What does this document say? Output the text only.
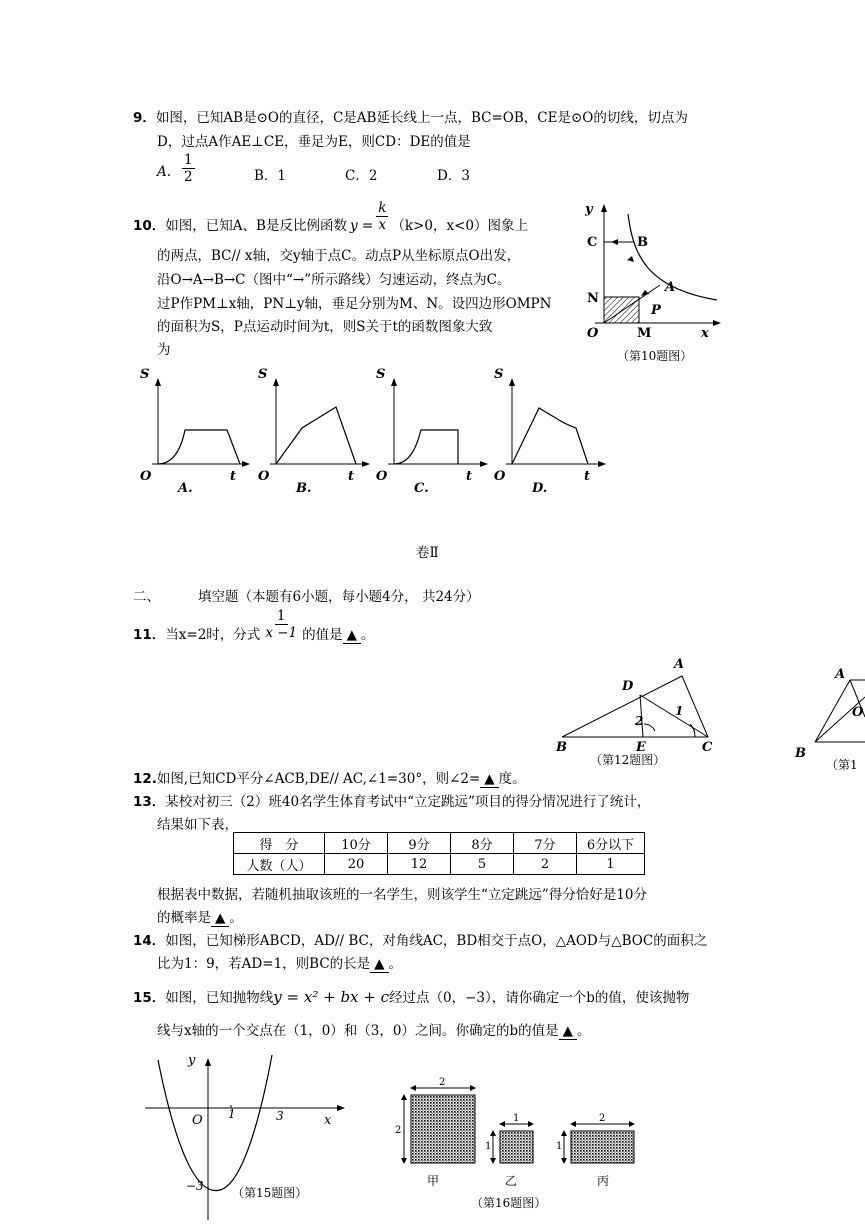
9．如图，已知AB是⊙O的直径，C是AB延长线上一点，BC=OB，CE是⊙O的切线，切点为
D，过点A作AE⊥CE，垂足为E，则CD：DE的值是
A. $\frac{1}{2}$	B．1	C．2	D．3
10．如图，已知A、B是反比例函数 $y = \frac{k}{x} (k>0$，x<0）图象上
的两点，BC// x轴，交y轴于点C。动点P从坐标原点O出发，
沿O→A→B→C（图中“→”所示路线）匀速运动，终点为C。
过P作PM⊥x轴，PN⊥y轴，垂足分别为M、N。设四边形OMPN
的面积为S，P点运动时间为t，则S关于t的函数图象大致
为
y
C	B
N
A
P
O	M	x
（第10题图）
S
O	t
A.
S
O	t
B.
S
O	t
C.
S
O	t
D.
卷Ⅱ
二、	填空题（本题有6小题，每小题4分， 共24分）
11．当x=2时，分式 $\frac{1}{x -1}$ 的值是 ▲ 。
A
D
1
2
B	E	C
（第12题图）
A
O
B
（第1
12.如图,已知CD平分∠ACB,DE// AC,∠1=30°，则∠2= ▲ 度。
13．某校对初三（2）班40名学生体育考试中“立定跳远”项目的得分情况进行了统计，
结果如下表，
得　分	10分	9分	8分	7分	6分以下
人数（人）	20	12	5	2	1
根据表中数据，若随机抽取该班的一名学生，则该学生“立定跳远”得分恰好是10分
的概率是 ▲ 。
14．如图，已知梯形ABCD，AD// BC，对角线AC，BD相交于点O，△AOD与△BOC的面积之
比为1：9，若AD=1，则BC的长是 ▲ 。
15．如图，已知抛物线y = x² + bx + c经过点（0，−3），请你确定一个b的值，使该抛物
线与x轴的一个交点在（1，0）和（3，0）之间。你确定的b的值是 ▲ 。
y
O 1	3	x
−3 （第15题图）
2
2
甲
1
1
乙
2
1
丙
（第16题图）
